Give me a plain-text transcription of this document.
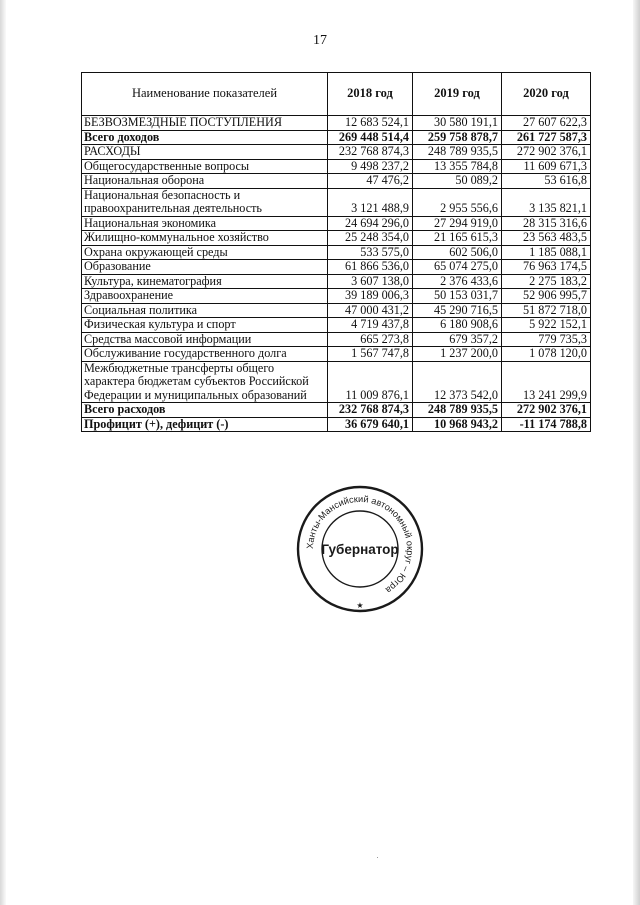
17
Наименование показателей	2018 год	2019 год	2020 год
БЕЗВОЗМЕЗДНЫЕ ПОСТУПЛЕНИЯ	12 683 524,1	30 580 191,1	27 607 622,3
Всего доходов	269 448 514,4	259 758 878,7	261 727 587,3
РАСХОДЫ	232 768 874,3	248 789 935,5	272 902 376,1
Общегосударственные вопросы	9 498 237,2	13 355 784,8	11 609 671,3
Национальная оборона	47 476,2	50 089,2	53 616,8
Национальная безопасность и правоохранительная деятельность	3 121 488,9	2 955 556,6	3 135 821,1
Национальная экономика	24 694 296,0	27 294 919,0	28 315 316,6
Жилищно-коммунальное хозяйство	25 248 354,0	21 165 615,3	23 563 483,5
Охрана окружающей среды	533 575,0	602 506,0	1 185 088,1
Образование	61 866 536,0	65 074 275,0	76 963 174,5
Культура, кинематография	3 607 138,0	2 376 433,6	2 275 183,2
Здравоохранение	39 189 006,3	50 153 031,7	52 906 995,7
Социальная политика	47 000 431,2	45 290 716,5	51 872 718,0
Физическая культура и спорт	4 719 437,8	6 180 908,6	5 922 152,1
Средства массовой информации	665 273,8	679 357,2	779 735,3
Обслуживание государственного долга	1 567 747,8	1 237 200,0	1 078 120,0
Межбюджетные трансферты общего характера бюджетам субъектов Российской Федерации и муниципальных образований	11 009 876,1	12 373 542,0	13 241 299,9
Всего расходов	232 768 874,3	248 789 935,5	272 902 376,1
Профицит (+), дефицит (-)	36 679 640,1	10 968 943,2	-11 174 788,8
Ханты-Мансийский автономный округ – Югра
Губернатор
★
